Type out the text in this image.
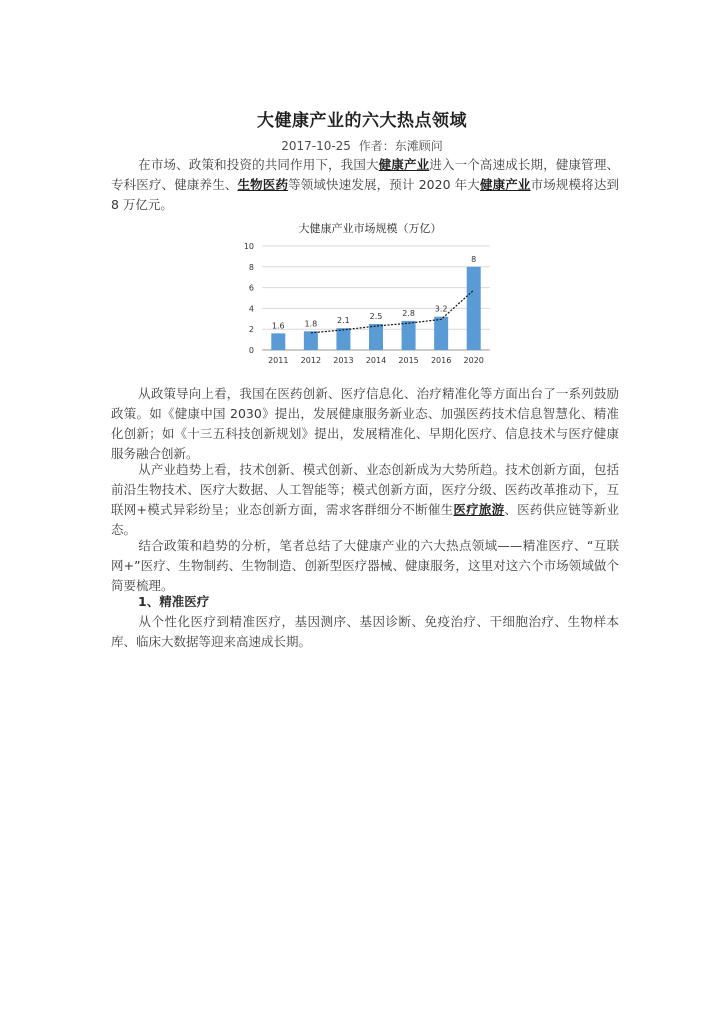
大健康产业的六大热点领域
2017-10-25 作者：东滩顾问

在市场、政策和投资的共同作用下，我国大健康产业进入一个高速成长期，健康管理、专科医疗、健康养生、生物医药等领域快速发展，预计 2020 年大健康产业市场规模将达到 8 万亿元。

大健康产业市场规模（万亿）
0
2
4
6
8
10
1.6 1.8 2.1 2.5 2.8 3.2
8
2011 2012 2013 2014 2015 2016 2020

从政策导向上看，我国在医药创新、医疗信息化、治疗精准化等方面出台了一系列鼓励政策。如《健康中国 2030》提出，发展健康服务新业态、加强医药技术信息智慧化、精准化创新；如《十三五科技创新规划》提出，发展精准化、早期化医疗、信息技术与医疗健康服务融合创新。

从产业趋势上看，技术创新、模式创新、业态创新成为大势所趋。技术创新方面，包括前沿生物技术、医疗大数据、人工智能等；模式创新方面，医疗分级、医药改革推动下，互联网+模式异彩纷呈；业态创新方面，需求客群细分不断催生医疗旅游、医药供应链等新业态。

结合政策和趋势的分析，笔者总结了大健康产业的六大热点领域——精准医疗、“互联网+”医疗、生物制药、生物制造、创新型医疗器械、健康服务，这里对这六个市场领域做个简要梳理。

1、精准医疗

从个性化医疗到精准医疗，基因测序、基因诊断、免疫治疗、干细胞治疗、生物样本库、临床大数据等迎来高速成长期。
